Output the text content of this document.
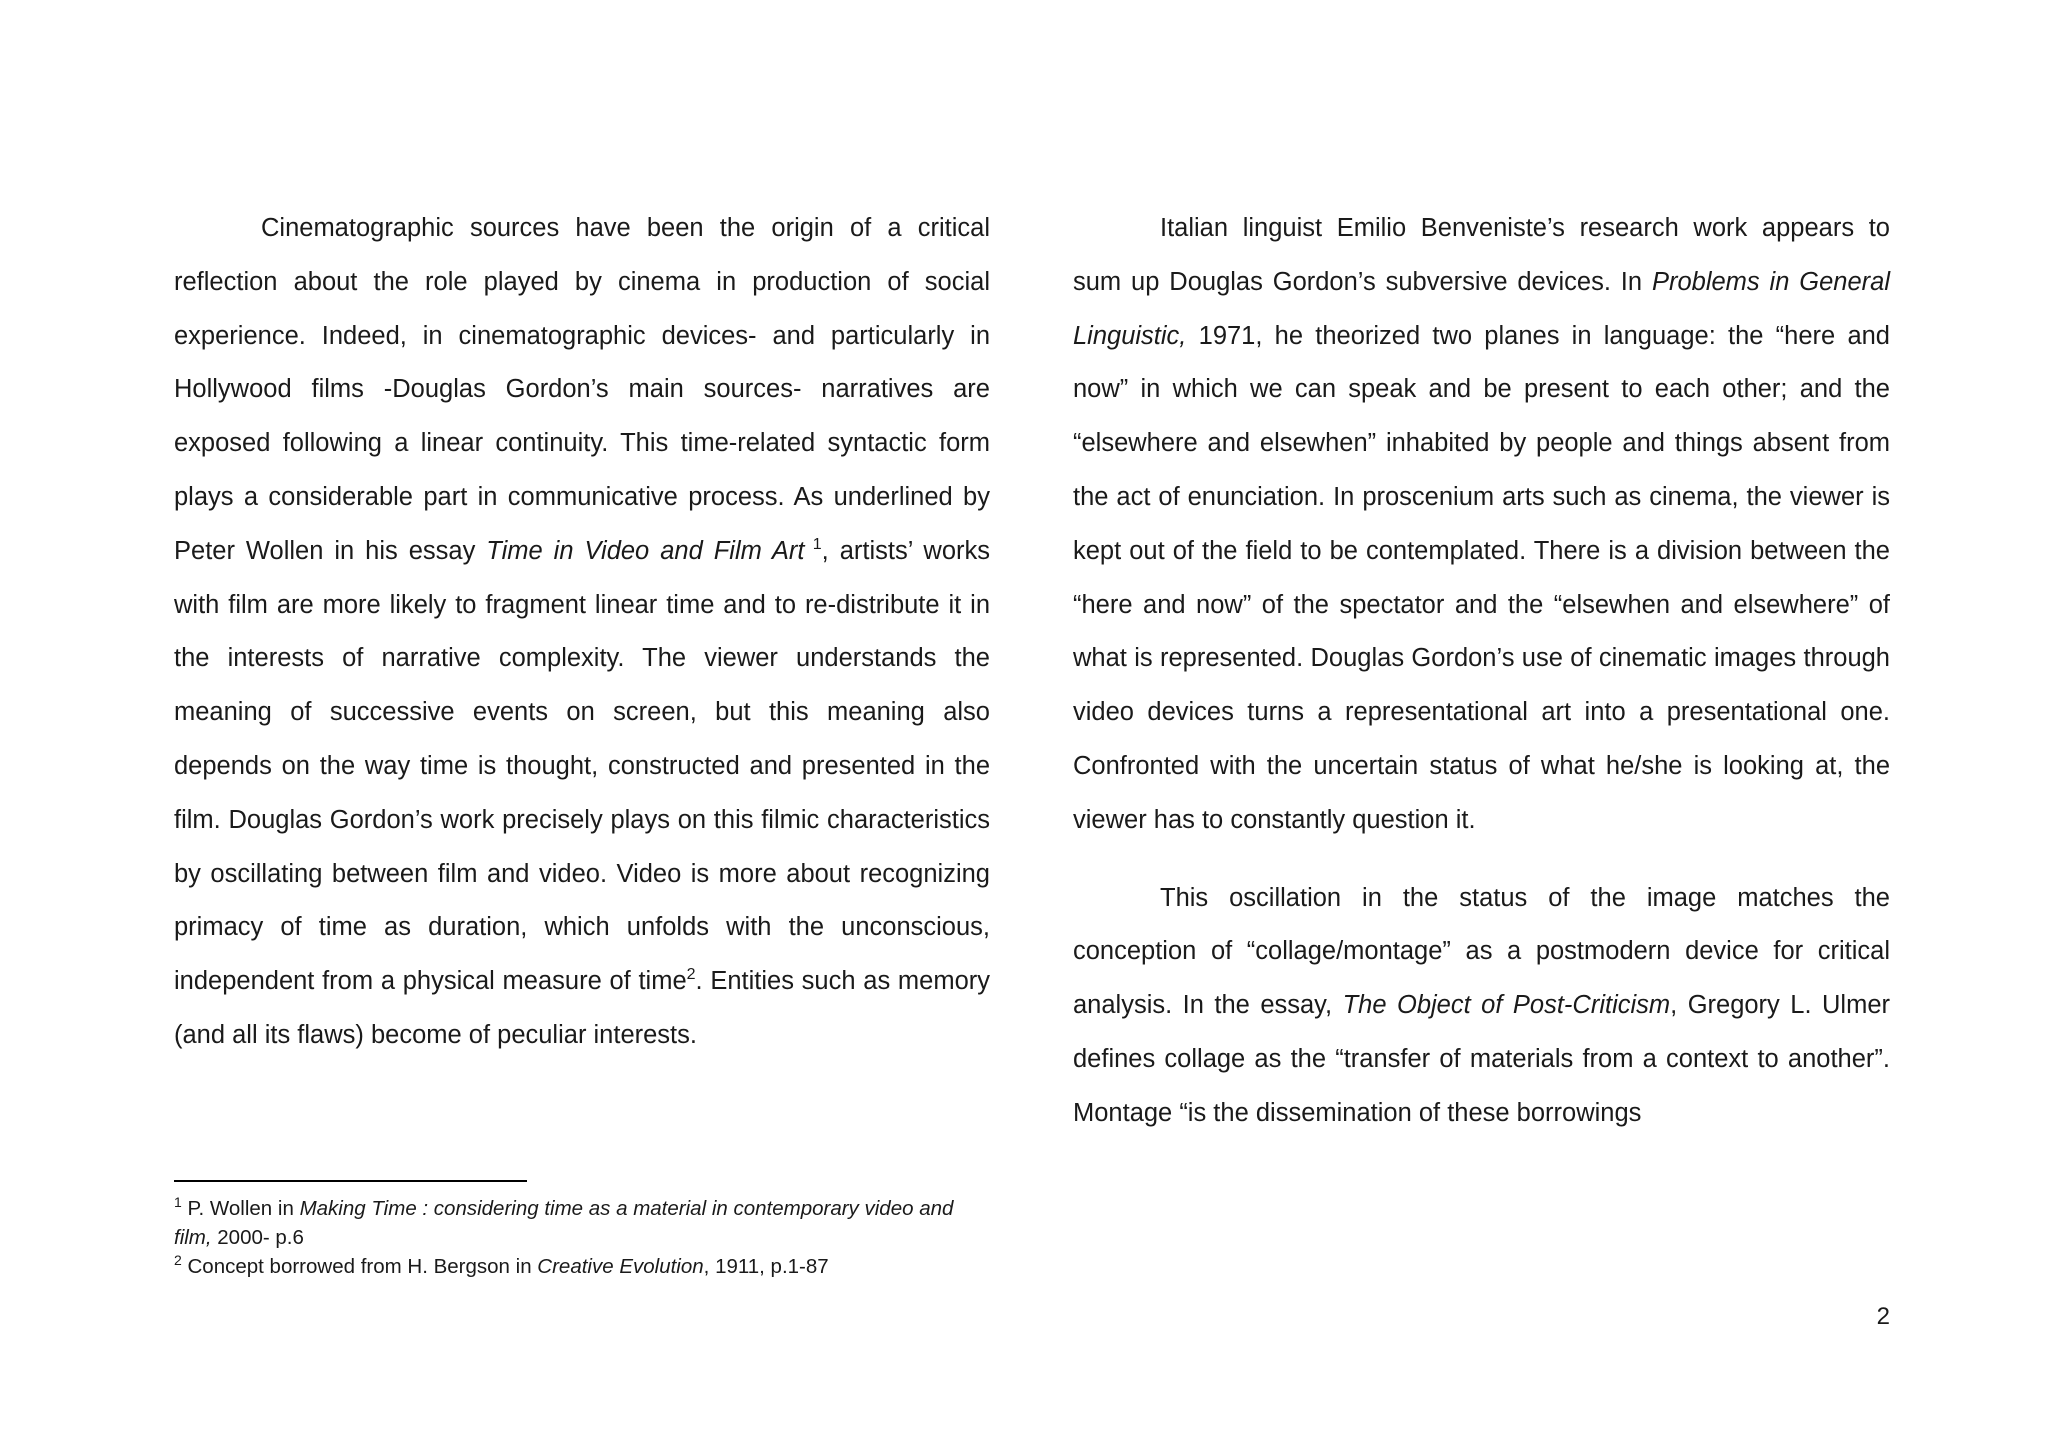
Cinematographic sources have been the origin of a critical reflection about the role played by cinema in production of social experience. Indeed, in cinematographic devices- and particularly in Hollywood films -Douglas Gordon’s main sources- narratives are exposed following a linear continuity. This time-related syntactic form plays a considerable part in communicative process. As underlined by Peter Wollen in his essay Time in Video and Film Art $^1$, artists’ works with film are more likely to fragment linear time and to re-distribute it in the interests of narrative complexity. The viewer understands the meaning of successive events on screen, but this meaning also depends on the way time is thought, constructed and presented in the film. Douglas Gordon’s work precisely plays on this filmic characteristics by oscillating between film and video. Video is more about recognizing primacy of time as duration, which unfolds with the unconscious, independent from a physical measure of time$^2$. Entities such as memory (and all its flaws) become of peculiar interests.

Italian linguist Emilio Benveniste’s research work appears to sum up Douglas Gordon’s subversive devices. In Problems in General Linguistic, 1971, he theorized two planes in language: the “here and now” in which we can speak and be present to each other; and the “elsewhere and elsewhen” inhabited by people and things absent from the act of enunciation. In proscenium arts such as cinema, the viewer is kept out of the field to be contemplated. There is a division between the “here and now” of the spectator and the “elsewhen and elsewhere” of what is represented. Douglas Gordon’s use of cinematic images through video devices turns a representational art into a presentational one. Confronted with the uncertain status of what he/she is looking at, the viewer has to constantly question it.

This oscillation in the status of the image matches the conception of “collage/montage” as a postmodern device for critical analysis. In the essay, The Object of Post-Criticism, Gregory L. Ulmer defines collage as the “transfer of materials from a context to another”. Montage “is the dissemination of these borrowings

$^1$ P. Wollen in Making Time : considering time as a material in contemporary video and film, 2000- p.6

$^2$ Concept borrowed from H. Bergson in Creative Evolution, 1911, p.1-87

2
